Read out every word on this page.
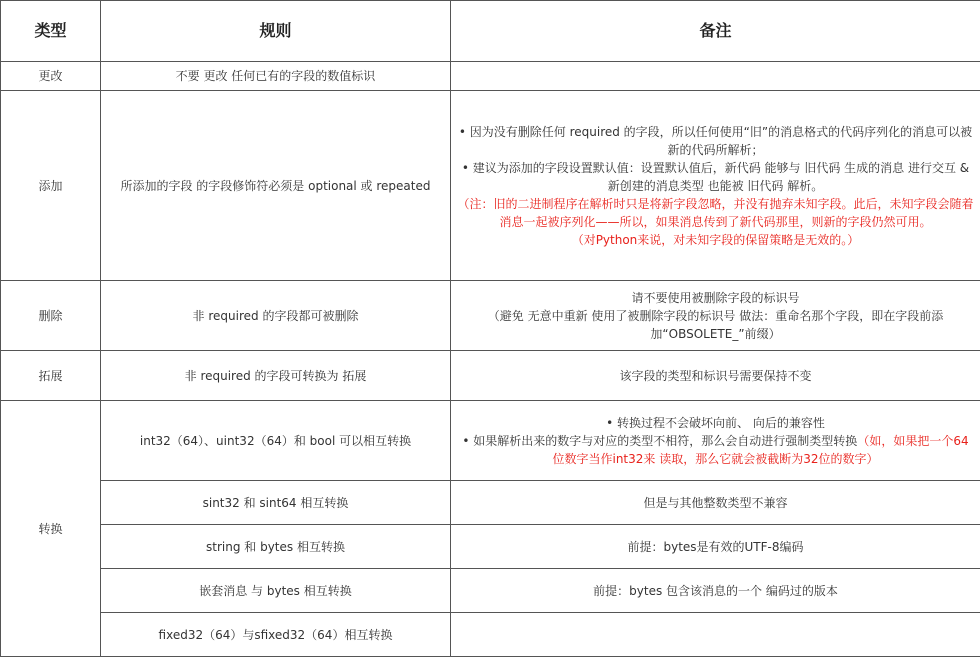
类型	规则	备注
更改	不要 更改 任何已有的字段的数值标识	
添加	所添加的字段 的字段修饰符必须是 optional 或 repeated	• 因为没有删除任何 required 的字段，所以任何使用“旧”的消息格式的代码序列化的消息可以被新的代码所解析；
• 建议为添加的字段设置默认值：设置默认值后，新代码 能够与 旧代码 生成的消息 进行交互 & 新创建的消息类型 也能被 旧代码 解析。
（注：旧的二进制程序在解析时只是将新字段忽略，并没有抛弃未知字段。此后，未知字段会随着消息一起被序列化——所以，如果消息传到了新代码那里，则新的字段仍然可用。
（对Python来说，对未知字段的保留策略是无效的。）

删除	非 required 的字段都可被删除	请不要使用被删除字段的标识号
（避免 无意中重新 使用了被删除字段的标识号 做法：重命名那个字段，即在字段前添加“OBSOLETE_”前缀）

拓展	非 required 的字段可转换为 拓展	该字段的类型和标识号需要保持不变
转换	int32（64）、uint32（64）和 bool 可以相互转换	• 转换过程不会破坏向前、 向后的兼容性
• 如果解析出来的数字与对应的类型不相符，那么会自动进行强制类型转换（如，如果把一个64位数字当作int32来 读取，那么它就会被截断为32位的数字）

	sint32 和 sint64 相互转换	但是与其他整数类型不兼容
	string 和 bytes 相互转换	前提：bytes是有效的UTF-8编码
	嵌套消息 与 bytes 相互转换	前提：bytes 包含该消息的一个 编码过的版本
	fixed32（64）与sfixed32（64）相互转换	
